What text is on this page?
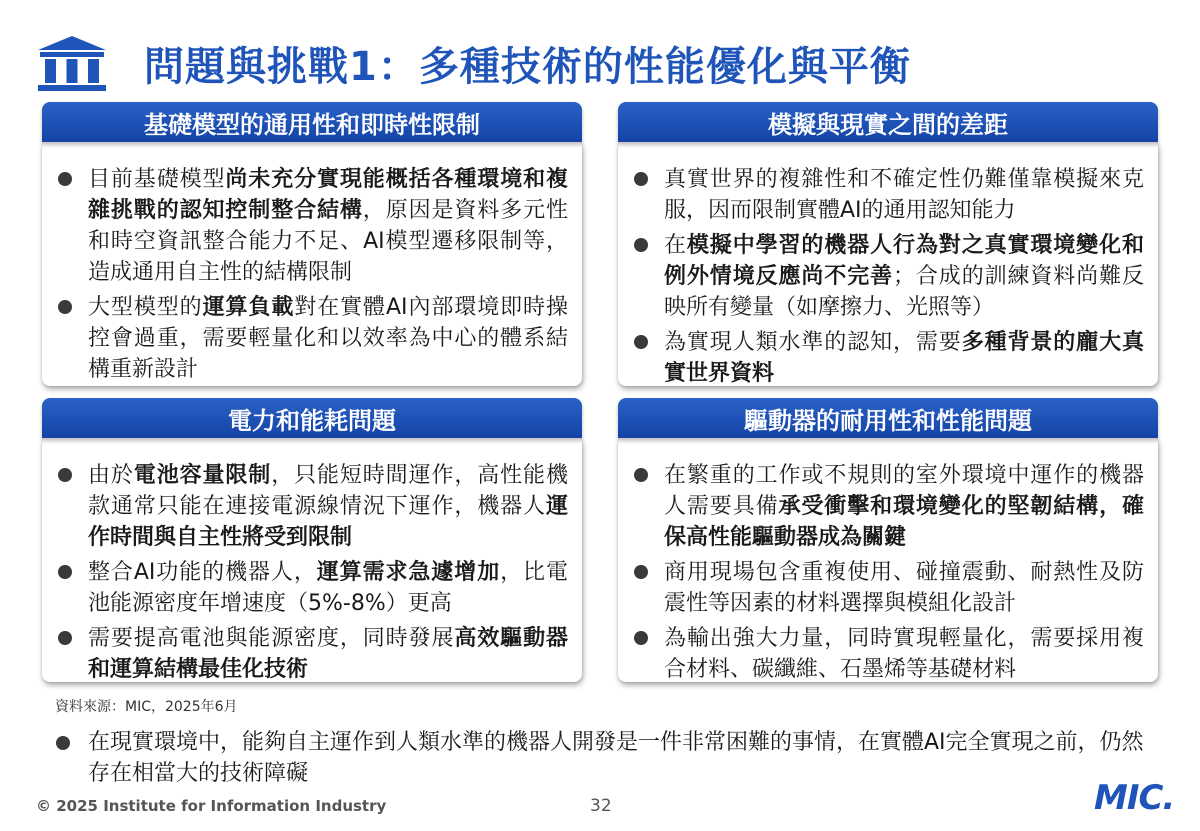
問題與挑戰1：多種技術的性能優化與平衡
目前基礎模型尚未充分實現能概括各種環境和複雜挑戰的認知控制整合結構，原因是資料多元性和時空資訊整合能力不足、AI模型遷移限制等，造成通用自主性的結構限制
大型模型的運算負載對在實體AI內部環境即時操控會過重，需要輕量化和以效率為中心的體系結構重新設計
基礎模型的通用性和即時性限制
真實世界的複雜性和不確定性仍難僅靠模擬來克服，因而限制實體AI的通用認知能力
在模擬中學習的機器人行為對之真實環境變化和例外情境反應尚不完善；合成的訓練資料尚難反映所有變量（如摩擦力、光照等）
為實現人類水準的認知，需要多種背景的龐大真實世界資料
模擬與現實之間的差距
由於電池容量限制，只能短時間運作，高性能機款通常只能在連接電源線情況下運作，機器人運作時間與自主性將受到限制
整合AI功能的機器人，運算需求急遽增加，比電池能源密度年增速度（5%-8%）更高
需要提高電池與能源密度，同時發展高效驅動器和運算結構最佳化技術
電力和能耗問題
在繁重的工作或不規則的室外環境中運作的機器人需要具備承受衝擊和環境變化的堅韌結構，確保高性能驅動器成為關鍵
商用現場包含重複使用、碰撞震動、耐熱性及防震性等因素的材料選擇與模組化設計
為輸出強大力量，同時實現輕量化，需要採用複合材料、碳纖維、石墨烯等基礎材料
驅動器的耐用性和性能問題
資料來源：MIC，2025年6月
在現實環境中，能夠自主運作到人類水準的機器人開發是一件非常困難的事情，在實體AI完全實現之前，仍然存在相當大的技術障礙
© 2025 Institute for Information Industry	32	MIC.
